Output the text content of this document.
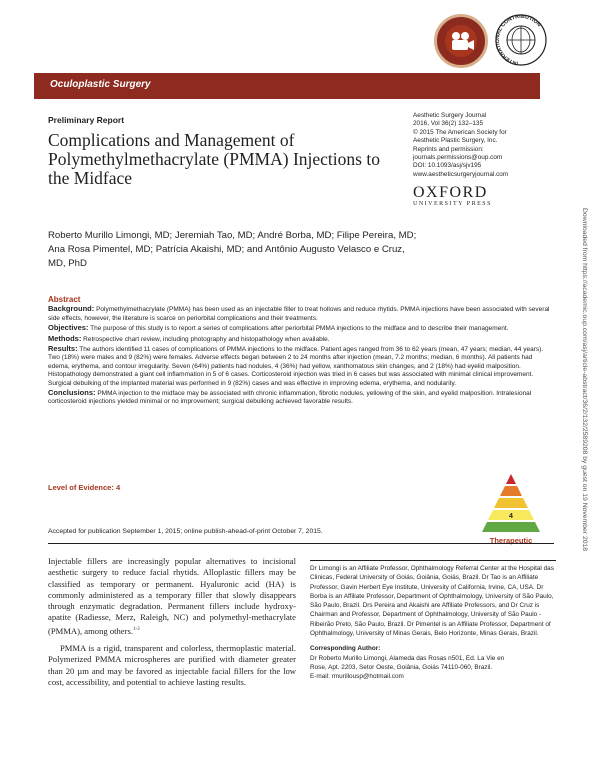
INTERNATIONAL CONTRIBUTION
Oculoplastic Surgery
Preliminary Report
Complications and Management of Polymethylmethacrylate (PMMA) Injections to the Midface
Aesthetic Surgery Journal
2016, Vol 36(2) 132–135
© 2015 The American Society for
Aesthetic Plastic Surgery, Inc.
Reprints and permission:
journals.permissions@oup.com
DOI: 10.1093/asj/sjv195
www.aestheticsurgeryjournal.com
OXFORD
UNIVERSITY PRESS
Roberto Murillo Limongi, MD; Jeremiah Tao, MD; André Borba, MD; Filipe Pereira, MD; Ana Rosa Pimentel, MD; Patrícia Akaishi, MD; and Antônio Augusto Velasco e Cruz, MD, PhD
Abstract

Background: Polymethylmethacrylate (PMMA) has been used as an injectable filler to treat hollows and reduce rhytids. PMMA injections have been associated with several side effects, however, the literature is scarce on periorbital complications and their treatments.

Objectives: The purpose of this study is to report a series of complications after periorbital PMMA injections to the midface and to describe their management.

Methods: Retrospective chart review, including photography and histopathology when available.

Results: The authors identified 11 cases of complications of PMMA injections to the midface. Patient ages ranged from 36 to 62 years (mean, 47 years; median, 44 years). Two (18%) were males and 9 (82%) were females. Adverse effects began between 2 to 24 months after injection (mean, 7.2 months; median, 6 months). All patients had edema, erythema, and contour irregularity. Seven (64%) patients had nodules, 4 (36%) had yellow, xanthomatous skin changes, and 2 (18%) had eyelid malposition. Histopathology demonstrated a giant cell inflammation in 5 of 6 cases. Corticosteroid injection was tried in 6 cases but was associated with minimal clinical improvement. Surgical debulking of the implanted material was performed in 9 (82%) cases and was effective in improving edema, erythema, and nodularity.

Conclusions: PMMA injection to the midface may be associated with chronic inflammation, fibrotic nodules, yellowing of the skin, and eyelid malposition. Intralesional corticosteroid injections yielded minimal or no improvement; surgical debulking achieved favorable results.

Level of Evidence: 4
4
Therapeutic
Accepted for publication September 1, 2015; online publish-ahead-of-print October 7, 2015.

Injectable fillers are increasingly popular alternatives to incisional aesthetic surgery to reduce facial rhytids. Alloplastic fillers may be classified as temporary or permanent. Hyaluronic acid (HA) is commonly administered as a temporary filler that slowly disappears through enzymatic degradation. Permanent fillers include hydroxy-apatite (Radiesse, Merz, Raleigh, NC) and polymethyl-methacrylate (PMMA), among others.$^{1-3}$

PMMA is a rigid, transparent and colorless, thermoplastic material. Polymerized PMMA microspheres are purified with diameter greater than 20 µm and may be favored as injectable facial fillers for the low cost, accessibility, and potential to achieve lasting results.

Dr Limongi is an Affiliate Professor, Ophthalmology Referral Center at the Hospital das Clinicas, Federal University of Goiás, Goiânia, Goiás, Brazil. Dr Tao is an Affiliate Professor, Gavin Herbert Eye Institute, University of California, Irvine, CA, USA. Dr Borba is an Affiliate Professor, Department of Ophthalmology, University of São Paulo, São Paulo, Brazil. Drs Pereira and Akaishi are Affiliate Professors, and Dr Cruz is Chairman and Professor, Department of Ophthalmology, University of São Paulo - Ribeirão Preto, São Paulo, Brazil. Dr Pimentel is an Affiliate Professor, Department of Ophthalmology, University of Minas Gerais, Belo Horizonte, Minas Gerais, Brazil.
Corresponding Author:
Dr Roberto Murillo Limongi, Alameda das Rosas n501, Ed. La Vie en
Rose, Apt. 2203, Setor Oeste, Goiânia, Goiás 74110-060, Brazil.
E-mail: rmurillousp@hotmail.com
Downloaded from https://academic.oup.com/asj/article-abstract/36/2/132/2589208 by guest on 19 November 2018
